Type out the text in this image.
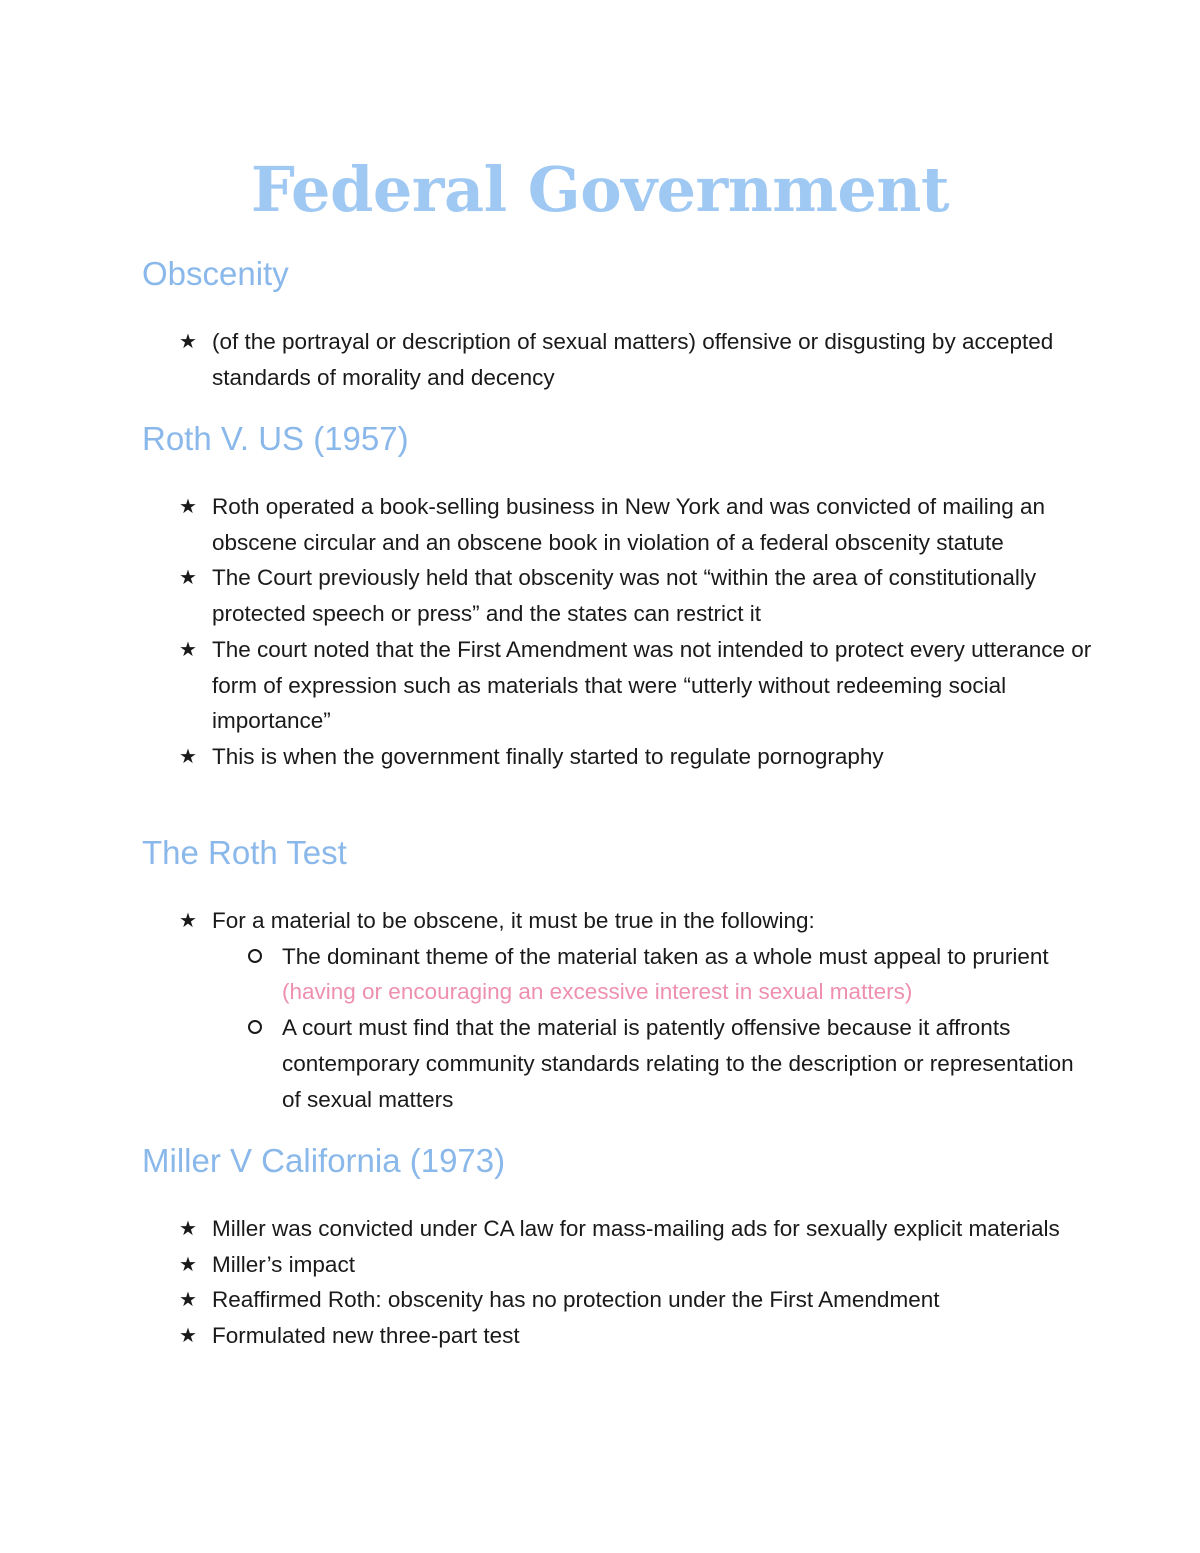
Federal Government
Obscenity
★ (of the portrayal or description of sexual matters) offensive or disgusting by accepted standards of morality and decency
Roth V. US (1957)
★ Roth operated a book-selling business in New York and was convicted of mailing an obscene circular and an obscene book in violation of a federal obscenity statute
★ The Court previously held that obscenity was not “within the area of constitutionally protected speech or press” and the states can restrict it
★ The court noted that the First Amendment was not intended to protect every utterance or form of expression such as materials that were “utterly without redeeming social importance”
★ This is when the government finally started to regulate pornography
The Roth Test
★ For a material to be obscene, it must be true in the following:
The dominant theme of the material taken as a whole must appeal to prurient (having or encouraging an excessive interest in sexual matters)
A court must find that the material is patently offensive because it affronts contemporary community standards relating to the description or representation of sexual matters
Miller V California (1973)
★ Miller was convicted under CA law for mass-mailing ads for sexually explicit materials
★ Miller’s impact
★ Reaffirmed Roth: obscenity has no protection under the First Amendment
★ Formulated new three-part test
